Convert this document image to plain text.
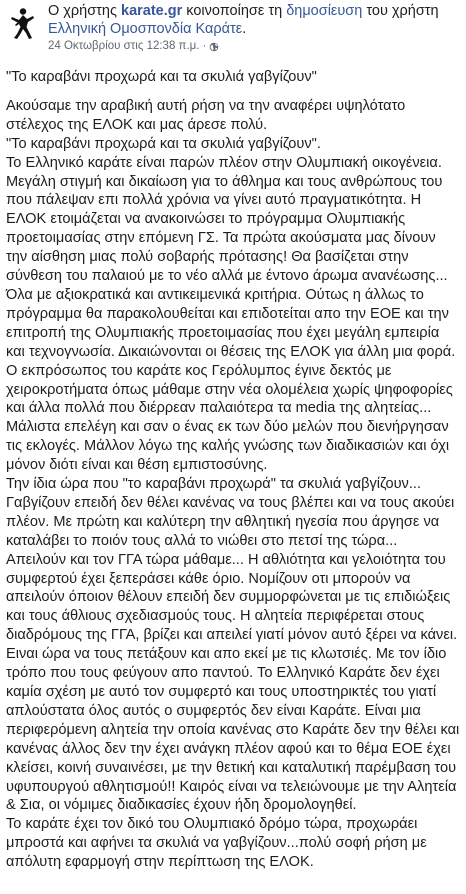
Ο χρήστης karate.gr κοινοποίησε τη δημοσίευση του χρήστη Ελληνική Ομοσπονδία Καράτε.
24 Οκτωβρίου στις 12:38 π.μ. ·

"Το καραβάνι προχωρά και τα σκυλιά γαβγίζουν"

Ακούσαμε την αραβική αυτή ρήση να την αναφέρει υψηλότατο στέλεχος της ΕΛΟΚ και μας άρεσε πολύ.

"Το καραβάνι προχωρά και τα σκυλιά γαβγίζουν".

Το Ελληνικό καράτε είναι παρών πλέον στην Ολυμπιακή οικογένεια. Μεγάλη στιγμή και δικαίωση για το άθλημα και τους ανθρώπους του που πάλεψαν επι πολλά χρόνια να γίνει αυτό πραγματικότητα. Η ΕΛΟΚ ετοιμάζεται να ανακοινώσει το πρόγραμμα Ολυμπιακής προετοιμασίας στην επόμενη ΓΣ. Τα πρώτα ακούσματα μας δίνουν την αίσθηση μιας πολύ σοβαρής πρότασης! Θα βασίζεται στην σύνθεση του παλαιού με το νέο αλλά με έντονο άρωμα ανανέωσης... Όλα με αξιοκρατικά και αντικειμενικά κριτήρια. Ούτως η άλλως το πρόγραμμα θα παρακολουθείται και επιδοτείται απο την ΕΟΕ και την επιτροπή της Ολυμπιακής προετοιμασίας που έχει μεγάλη εμπειρία και τεχνογνωσία. Δικαιώνονται οι θέσεις της ΕΛΟΚ για άλλη μια φορά. Ο εκπρόσωπος του καράτε κος Γερόλυμπος έγινε δεκτός με χειροκροτήματα όπως μάθαμε στην νέα ολομέλεια χωρίς ψηφοφορίες και άλλα πολλά που διέρρεαν παλαιότερα τα media της αλητείας... Μάλιστα επελέγη και σαν ο ένας εκ των δύο μελών που διενήργησαν τις εκλογές. Μάλλον λόγω της καλής γνώσης των διαδικασιών και όχι μόνον διότι είναι και θέση εμπιστοσύνης.

Την ίδια ώρα που "το καραβάνι προχωρά" τα σκυλιά γαβγίζουν... Γαβγίζουν επειδή δεν θέλει κανένας να τους βλέπει και να τους ακούει πλέον. Με πρώτη και καλύτερη την αθλητική ηγεσία που άργησε να καταλάβει το ποιόν τους αλλά το νιώθει στο πετσί της τώρα... Απειλούν και τον ΓΓΑ τώρα μάθαμε... Η αθλιότητα και γελοιότητα του συμφερτού έχει ξεπεράσει κάθε όριο. Νομίζουν οτι μπορούν να απειλούν όποιον θέλουν επειδή δεν συμμορφώνεται με τις επιδιώξεις και τους άθλιους σχεδιασμούς τους. Η αλητεία περιφέρεται στους διαδρόμους της ΓΓΑ, βρίζει και απειλεί γιατί μόνον αυτό ξέρει να κάνει. Ειναι ώρα να τους πετάξουν και απο εκεί με τις κλωτσιές. Με τον ίδιο τρόπο που τους φεύγουν απο παντού. Το Ελληνικό Καράτε δεν έχει καμία σχέση με αυτό τον συμφερτό και τους υποστηρικτές του γιατί απλούστατα όλος αυτός ο συμφερτός δεν είναι Καράτε. Είναι μια περιφερόμενη αλητεία την οποία κανένας στο Καράτε δεν την θέλει και κανένας άλλος δεν την έχει ανάγκη πλέον αφού και το θέμα ΕΟΕ έχει κλείσει, κοινή συναινέσει, με την θετική και καταλυτική παρέμβαση του υφυπουργού αθλητισμού!! Καιρός είναι να τελειώνουμε με την Αλητεία & Σια, οι νόμιμες διαδικασίες έχουν ήδη δρομολογηθεί.

Το καράτε έχει τον δικό του Ολυμπιακό δρόμο τώρα, προχωράει μπροστά και αφήνει τα σκυλιά να γαβγίζουν...πολύ σοφή ρήση με απόλυτη εφαρμογή στην περίπτωση της ΕΛΟΚ.
